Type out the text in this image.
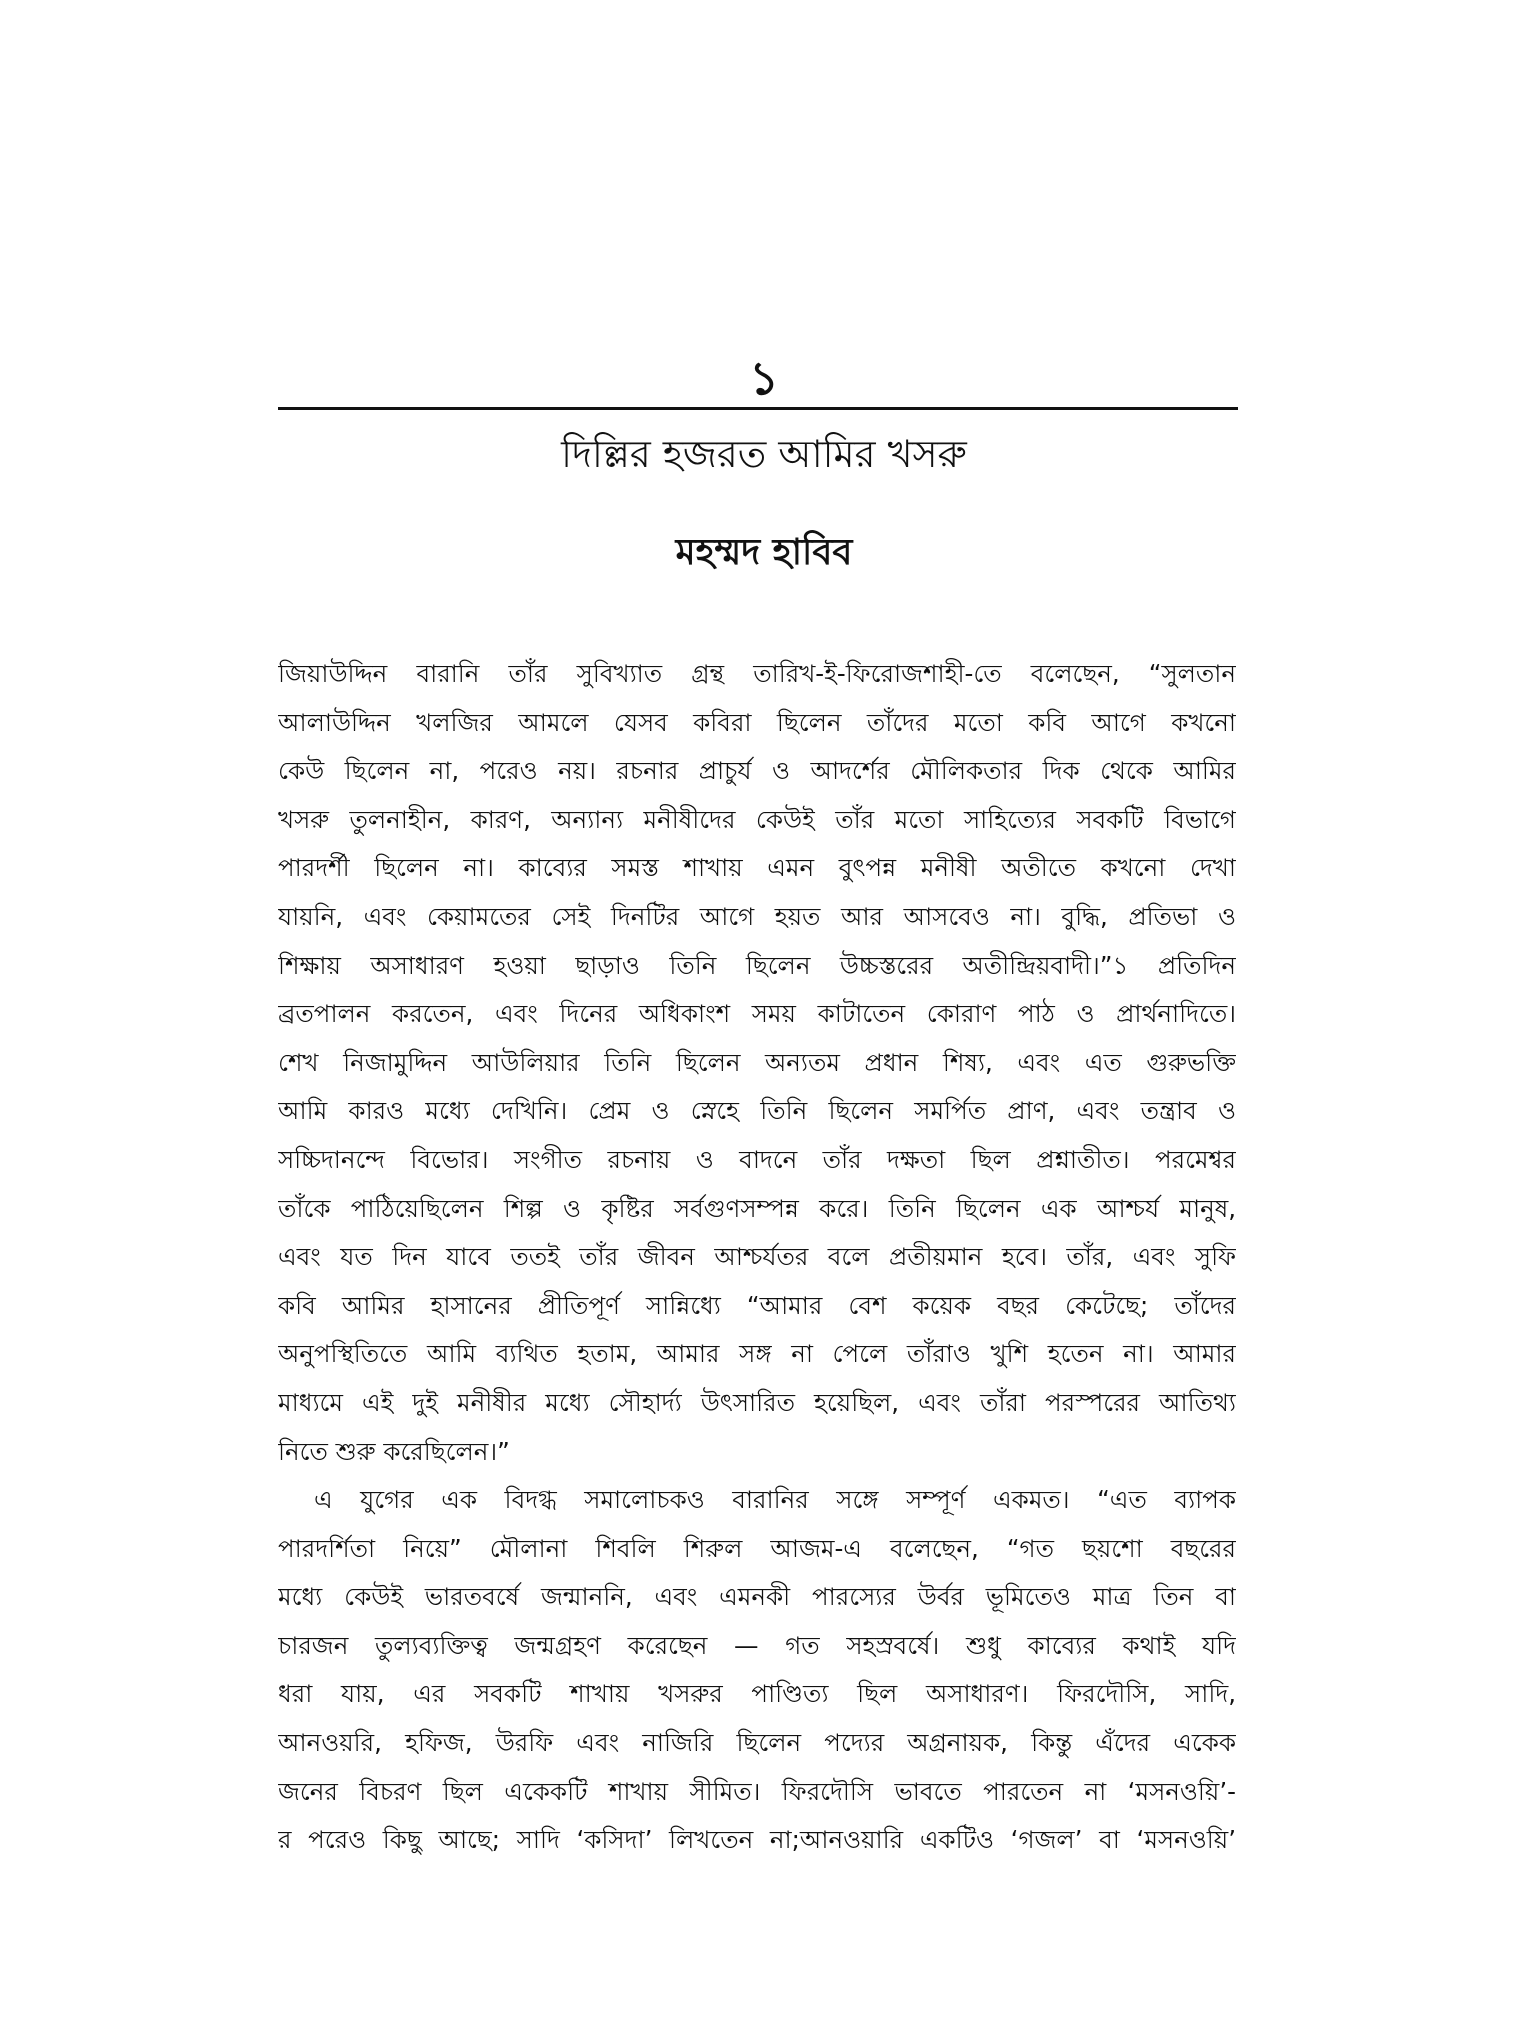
১
দিল্লির হজরত আমির খসরু
মহম্মদ হাবিব
জিয়াউদ্দিন বারানি তাঁর সুবিখ্যাত গ্রন্থ তারিখ-ই-ফিরোজশাহী-তে বলেছেন, “সুলতান
আলাউদ্দিন খলজির আমলে যেসব কবিরা ছিলেন তাঁদের মতো কবি আগে কখনো
কেউ ছিলেন না, পরেও নয়। রচনার প্রাচুর্য ও আদর্শের মৌলিকতার দিক থেকে আমির
খসরু তুলনাহীন, কারণ, অন্যান্য মনীষীদের কেউই তাঁর মতো সাহিত্যের সবকটি বিভাগে
পারদর্শী ছিলেন না। কাব্যের সমস্ত শাখায় এমন বুৎপন্ন মনীষী অতীতে কখনো দেখা
যায়নি, এবং কেয়ামতের সেই দিনটির আগে হয়ত আর আসবেও না। বুদ্ধি, প্রতিভা ও
শিক্ষায় অসাধারণ হওয়া ছাড়াও তিনি ছিলেন উচ্চস্তরের অতীন্দ্রিয়বাদী।”১ প্রতিদিন
ব্রতপালন করতেন, এবং দিনের অধিকাংশ সময় কাটাতেন কোরাণ পাঠ ও প্রার্থনাদিতে।
শেখ নিজামুদ্দিন আউলিয়ার তিনি ছিলেন অন্যতম প্রধান শিষ্য, এবং এত গুরুভক্তি
আমি কারও মধ্যে দেখিনি। প্রেম ও স্নেহে তিনি ছিলেন সমর্পিত প্রাণ, এবং তন্ত্রাব ও
সচ্চিদানন্দে বিভোর। সংগীত রচনায় ও বাদনে তাঁর দক্ষতা ছিল প্রশ্নাতীত। পরমেশ্বর
তাঁকে পাঠিয়েছিলেন শিল্প ও কৃষ্টির সর্বগুণসম্পন্ন করে। তিনি ছিলেন এক আশ্চর্য মানুষ,
এবং যত দিন যাবে ততই তাঁর জীবন আশ্চর্যতর বলে প্রতীয়মান হবে। তাঁর, এবং সুফি
কবি আমির হাসানের প্রীতিপূর্ণ সান্নিধ্যে “আমার বেশ কয়েক বছর কেটেছে; তাঁদের
অনুপস্থিতিতে আমি ব্যথিত হতাম, আমার সঙ্গ না পেলে তাঁরাও খুশি হতেন না। আমার
মাধ্যমে এই দুই মনীষীর মধ্যে সৌহার্দ্য উৎসারিত হয়েছিল, এবং তাঁরা পরস্পরের আতিথ্য
নিতে শুরু করেছিলেন।”
এ যুগের এক বিদগ্ধ সমালোচকও বারানির সঙ্গে সম্পূর্ণ একমত। “এত ব্যাপক
পারদর্শিতা নিয়ে” মৌলানা শিবলি শিরুল আজম-এ বলেছেন, “গত ছয়শো বছরের
মধ্যে কেউই ভারতবর্ষে জন্মাননি, এবং এমনকী পারস্যের উর্বর ভূমিতেও মাত্র তিন বা
চারজন তুল্যব্যক্তিত্ব জন্মগ্রহণ করেছেন — গত সহস্রবর্ষে। শুধু কাব্যের কথাই যদি
ধরা যায়, এর সবকটি শাখায় খসরুর পাণ্ডিত্য ছিল অসাধারণ। ফিরদৌসি, সাদি,
আনওয়রি, হফিজ, উরফি এবং নাজিরি ছিলেন পদ্যের অগ্রনায়ক, কিন্তু এঁদের একেক
জনের বিচরণ ছিল একেকটি শাখায় সীমিত। ফিরদৌসি ভাবতে পারতেন না ‘মসনওয়ি’-
র পরেও কিছু আছে; সাদি ‘কসিদা’ লিখতেন না;আনওয়ারি একটিও ‘গজল’ বা ‘মসনওয়ি’
